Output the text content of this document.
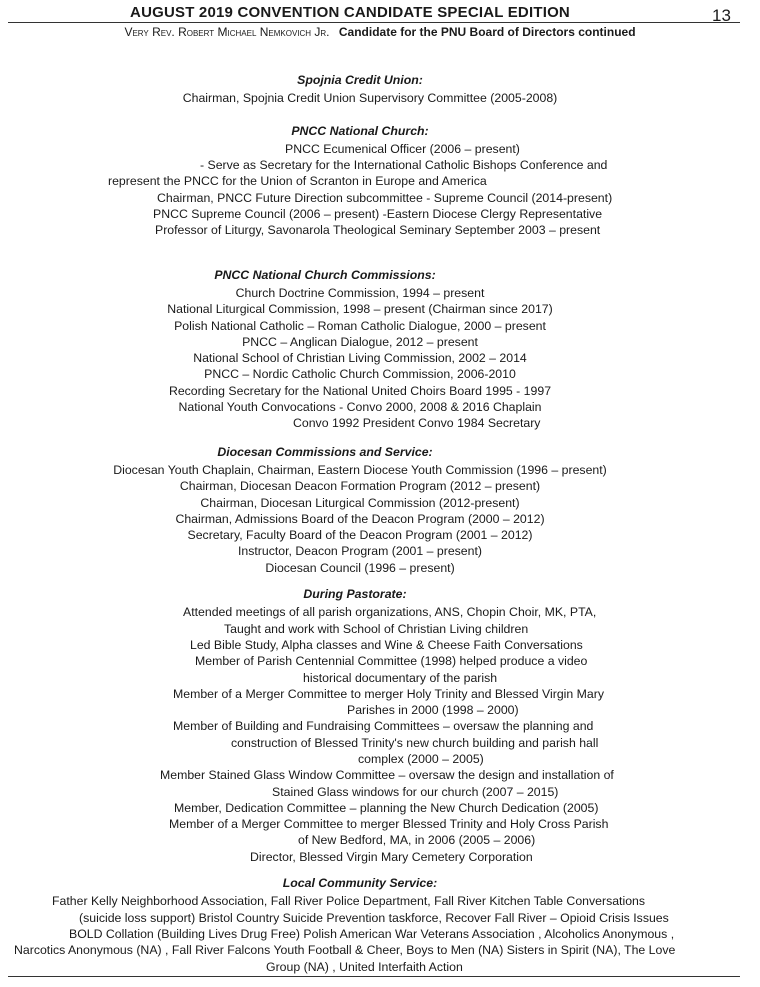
AUGUST 2019 CONVENTION CANDIDATE SPECIAL EDITION	13
Very Rev. Robert Michael Nemkovich Jr. Candidate for the PNU Board of Directors continued
Spojnia Credit Union:
Chairman, Spojnia Credit Union Supervisory Committee (2005-2008)
PNCC National Church:
PNCC Ecumenical Officer (2006 – present)
- Serve as Secretary for the International Catholic Bishops Conference and
represent the PNCC for the Union of Scranton in Europe and America
Chairman, PNCC Future Direction subcommittee - Supreme Council (2014-present)
PNCC Supreme Council (2006 – present) -Eastern Diocese Clergy Representative
Professor of Liturgy, Savonarola Theological Seminary September 2003 – present
PNCC National Church Commissions:
Church Doctrine Commission, 1994 – present
National Liturgical Commission, 1998 – present (Chairman since 2017)
Polish National Catholic – Roman Catholic Dialogue, 2000 – present
PNCC – Anglican Dialogue, 2012 – present
National School of Christian Living Commission, 2002 – 2014
PNCC – Nordic Catholic Church Commission, 2006-2010
Recording Secretary for the National United Choirs Board 1995 - 1997
National Youth Convocations - Convo 2000, 2008 & 2016 Chaplain
Convo 1992 President Convo 1984 Secretary
Diocesan Commissions and Service:
Diocesan Youth Chaplain, Chairman, Eastern Diocese Youth Commission (1996 – present)
Chairman, Diocesan Deacon Formation Program (2012 – present)
Chairman, Diocesan Liturgical Commission (2012-present)
Chairman, Admissions Board of the Deacon Program (2000 – 2012)
Secretary, Faculty Board of the Deacon Program (2001 – 2012)
Instructor, Deacon Program (2001 – present)
Diocesan Council (1996 – present)
During Pastorate:
Attended meetings of all parish organizations, ANS, Chopin Choir, MK, PTA,
Taught and work with School of Christian Living children
Led Bible Study, Alpha classes and Wine & Cheese Faith Conversations
Member of Parish Centennial Committee (1998) helped produce a video
historical documentary of the parish
Member of a Merger Committee to merger Holy Trinity and Blessed Virgin Mary
Parishes in 2000 (1998 – 2000)
Member of Building and Fundraising Committees – oversaw the planning and
construction of Blessed Trinity's new church building and parish hall
complex (2000 – 2005)
Member Stained Glass Window Committee – oversaw the design and installation of
Stained Glass windows for our church (2007 – 2015)
Member, Dedication Committee – planning the New Church Dedication (2005)
Member of a Merger Committee to merger Blessed Trinity and Holy Cross Parish
of New Bedford, MA, in 2006 (2005 – 2006)
Director, Blessed Virgin Mary Cemetery Corporation
Local Community Service:
Father Kelly Neighborhood Association, Fall River Police Department, Fall River Kitchen Table Conversations
(suicide loss support) Bristol Country Suicide Prevention taskforce, Recover Fall River – Opioid Crisis Issues
BOLD Collation (Building Lives Drug Free) Polish American War Veterans Association , Alcoholics Anonymous ,
Narcotics Anonymous (NA) , Fall River Falcons Youth Football & Cheer, Boys to Men (NA) Sisters in Spirit (NA), The Love
Group (NA) , United Interfaith Action
